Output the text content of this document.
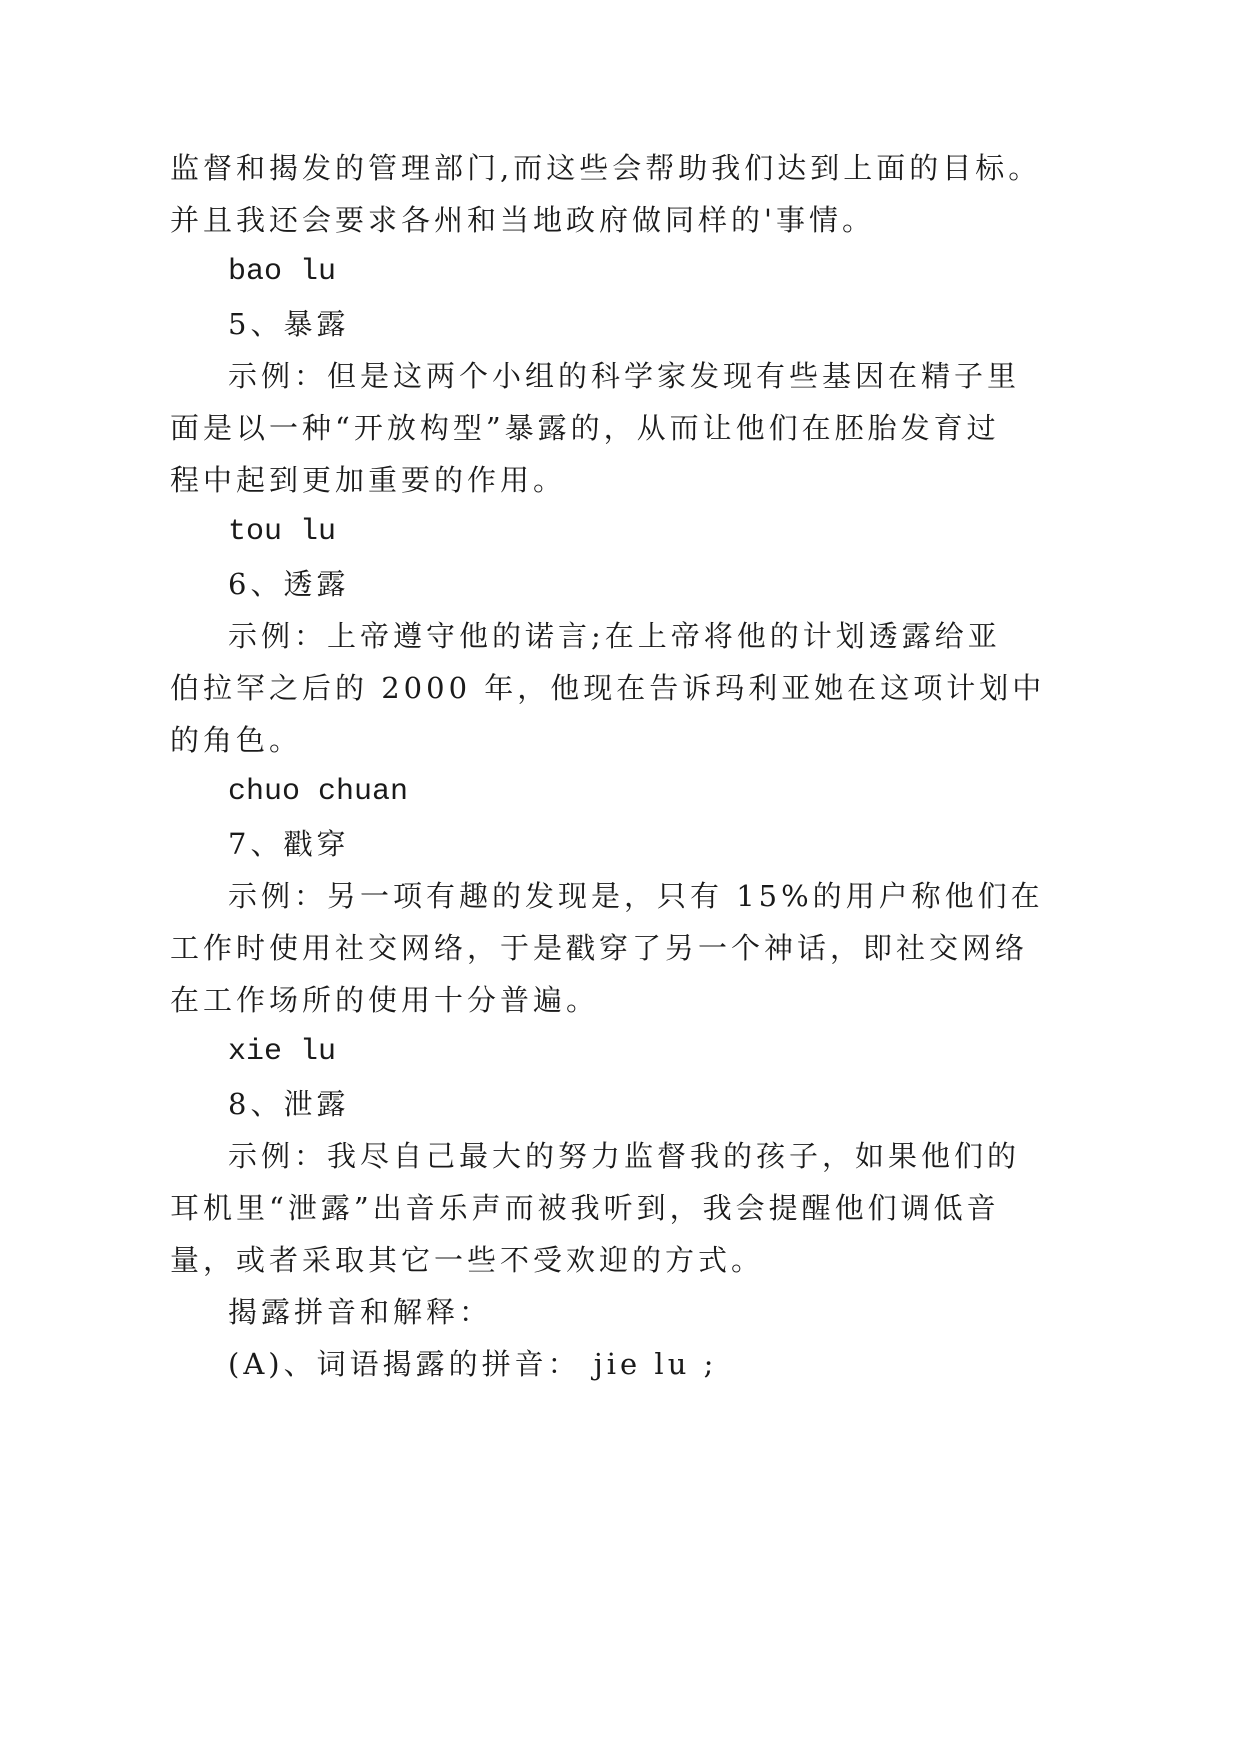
监督和揭发的管理部门,而这些会帮助我们达到上面的目标。
并且我还会要求各州和当地政府做同样的'事情。
bao lu
5、暴露
示例：但是这两个小组的科学家发现有些基因在精子里
面是以一种“开放构型”暴露的，从而让他们在胚胎发育过
程中起到更加重要的作用。
tou lu
6、透露
示例：上帝遵守他的诺言;在上帝将他的计划透露给亚
伯拉罕之后的 2000 年，他现在告诉玛利亚她在这项计划中
的角色。
chuo chuan
7、戳穿
示例：另一项有趣的发现是，只有 15%的用户称他们在
工作时使用社交网络，于是戳穿了另一个神话，即社交网络
在工作场所的使用十分普遍。
xie lu
8、泄露
示例：我尽自己最大的努力监督我的孩子，如果他们的
耳机里“泄露”出音乐声而被我听到，我会提醒他们调低音
量，或者采取其它一些不受欢迎的方式。
揭露拼音和解释：
(A)、词语揭露的拼音： jie lu ;
